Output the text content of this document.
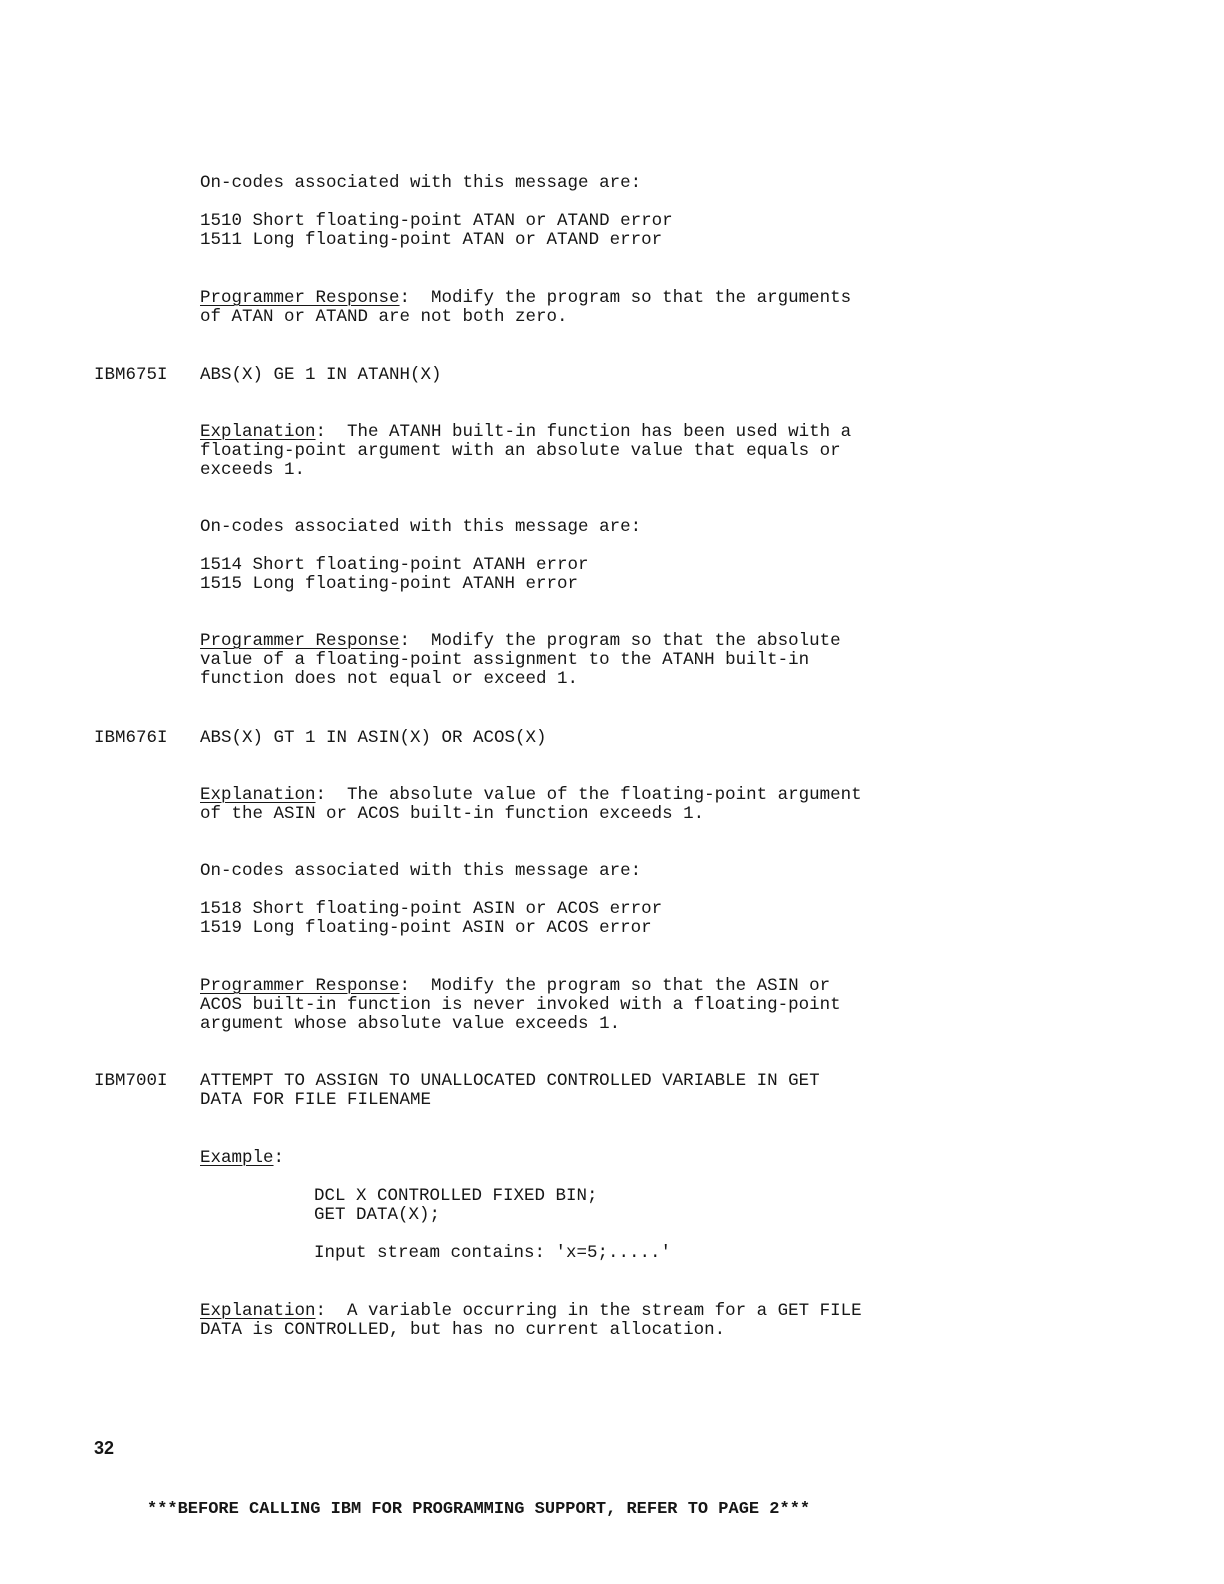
On-codes associated with this message are:
1510 Short floating-point ATAN or ATAND error
1511 Long floating-point ATAN or ATAND error
Programmer Response:  Modify the program so that the arguments
of ATAN or ATAND are not both zero.
IBM675I ABS(X) GE 1 IN ATANH(X)
Explanation:  The ATANH built-in function has been used with a
floating-point argument with an absolute value that equals or
exceeds 1.
On-codes associated with this message are:
1514 Short floating-point ATANH error
1515 Long floating-point ATANH error
Programmer Response:  Modify the program so that the absolute
value of a floating-point assignment to the ATANH built-in
function does not equal or exceed 1.
IBM676I ABS(X) GT 1 IN ASIN(X) OR ACOS(X)
Explanation:  The absolute value of the floating-point argument
of the ASIN or ACOS built-in function exceeds 1.
On-codes associated with this message are:
1518 Short floating-point ASIN or ACOS error
1519 Long floating-point ASIN or ACOS error
Programmer Response:  Modify the program so that the ASIN or
ACOS built-in function is never invoked with a floating-point
argument whose absolute value exceeds 1.
IBM700I ATTEMPT TO ASSIGN TO UNALLOCATED CONTROLLED VARIABLE IN GET
DATA FOR FILE FILENAME
Example:
DCL X CONTROLLED FIXED BIN;
GET DATA(X);
Input stream contains: 'x=5;.....'
Explanation:  A variable occurring in the stream for a GET FILE
DATA is CONTROLLED, but has no current allocation.
32
***BEFORE CALLING IBM FOR PROGRAMMING SUPPORT, REFER TO PAGE 2***
